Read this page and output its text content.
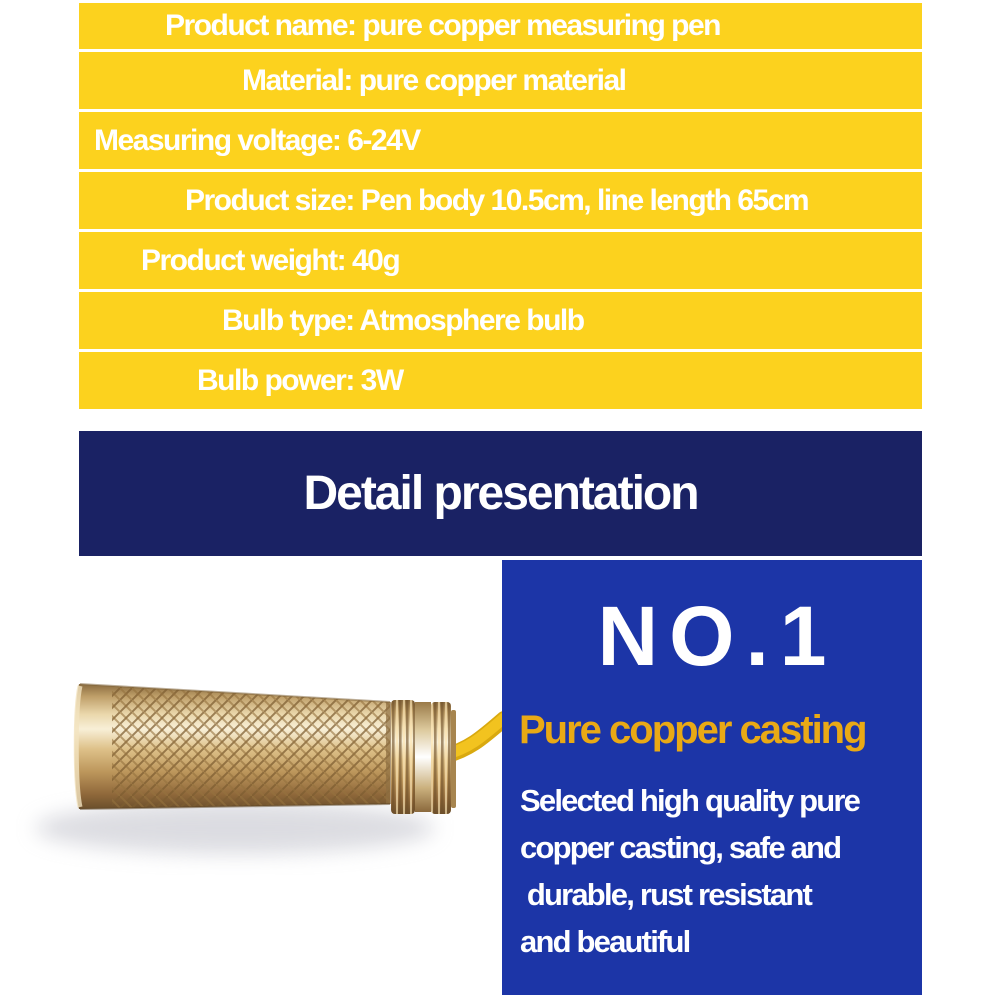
Product name: pure copper measuring pen
Material: pure copper material
Measuring voltage: 6-24V
Product size: Pen body 10.5cm, line length 65cm
Product weight: 40g
Bulb type: Atmosphere bulb
Bulb power: 3W
Detail presentation
NO.1
Pure copper casting
Selected high quality pure
copper casting, safe and
durable, rust resistant
and beautiful
